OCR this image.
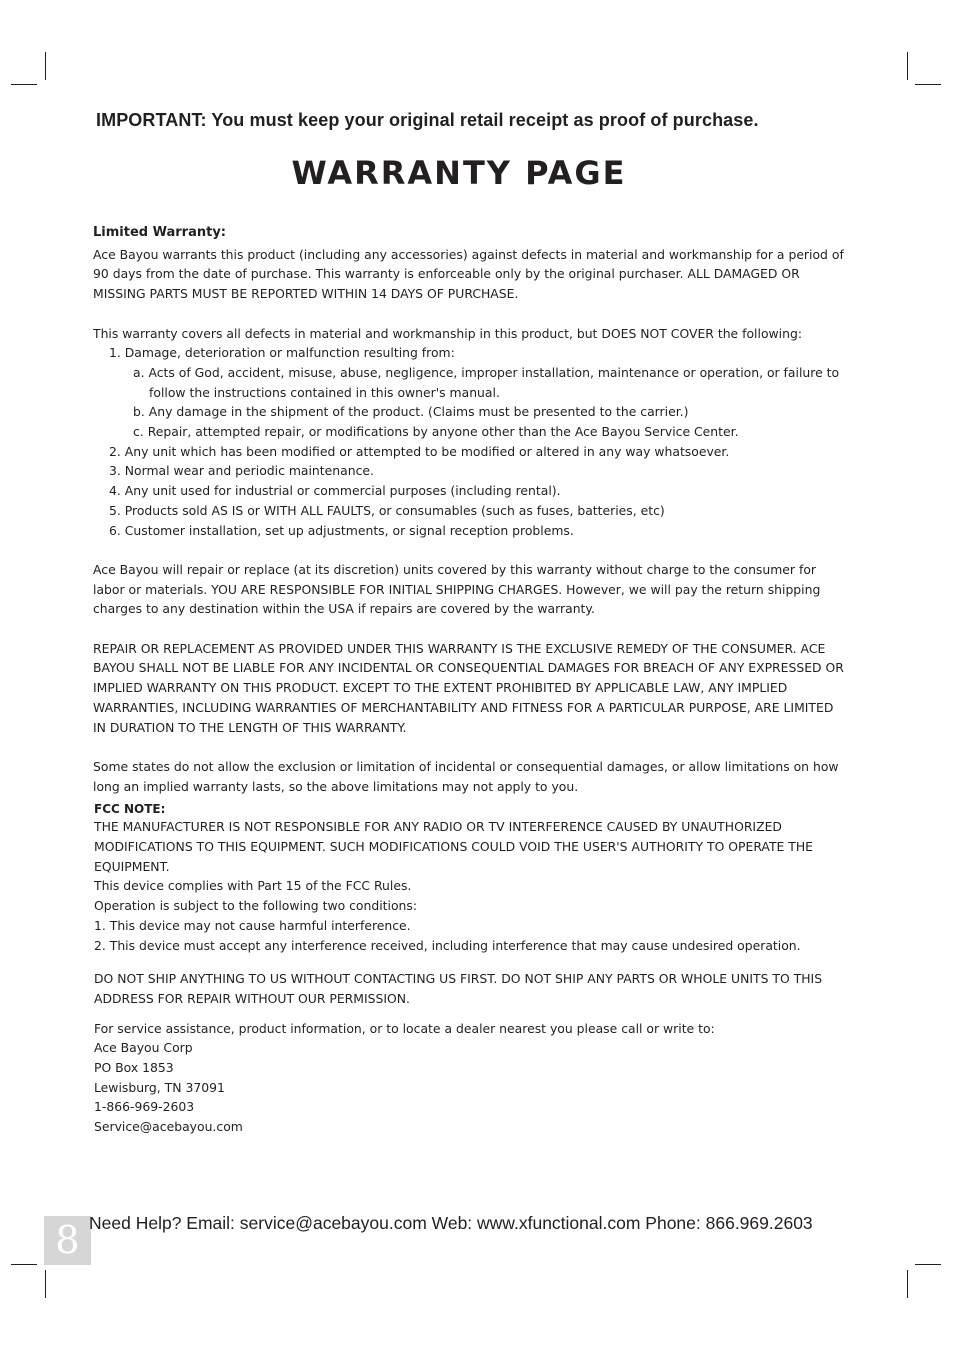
IMPORTANT: You must keep your original retail receipt as proof of purchase.
WARRANTY PAGE

Limited Warranty:

Ace Bayou warrants this product (including any accessories) against defects in material and workmanship for a period of

90 days from the date of purchase. This warranty is enforceable only by the original purchaser. ALL DAMAGED OR

MISSING PARTS MUST BE REPORTED WITHIN 14 DAYS OF PURCHASE.

This warranty covers all defects in material and workmanship in this product, but DOES NOT COVER the following:

1. Damage, deterioration or malfunction resulting from:

a. Acts of God, accident, misuse, abuse, negligence, improper installation, maintenance or operation, or failure to follow the instructions contained in this owner's manual.

b. Any damage in the shipment of the product. (Claims must be presented to the carrier.)

c. Repair, attempted repair, or modifications by anyone other than the Ace Bayou Service Center.

2. Any unit which has been modified or attempted to be modified or altered in any way whatsoever.

3. Normal wear and periodic maintenance.

4. Any unit used for industrial or commercial purposes (including rental).

5. Products sold AS IS or WITH ALL FAULTS, or consumables (such as fuses, batteries, etc)

6. Customer installation, set up adjustments, or signal reception problems.

Ace Bayou will repair or replace (at its discretion) units covered by this warranty without charge to the consumer for

labor or materials. YOU ARE RESPONSIBLE FOR INITIAL SHIPPING CHARGES. However, we will pay the return shipping

charges to any destination within the USA if repairs are covered by the warranty.

REPAIR OR REPLACEMENT AS PROVIDED UNDER THIS WARRANTY IS THE EXCLUSIVE REMEDY OF THE CONSUMER. ACE

BAYOU SHALL NOT BE LIABLE FOR ANY INCIDENTAL OR CONSEQUENTIAL DAMAGES FOR BREACH OF ANY EXPRESSED OR

IMPLIED WARRANTY ON THIS PRODUCT. EXCEPT TO THE EXTENT PROHIBITED BY APPLICABLE LAW, ANY IMPLIED

WARRANTIES, INCLUDING WARRANTIES OF MERCHANTABILITY AND FITNESS FOR A PARTICULAR PURPOSE, ARE LIMITED

IN DURATION TO THE LENGTH OF THIS WARRANTY.

Some states do not allow the exclusion or limitation of incidental or consequential damages, or allow limitations on how

long an implied warranty lasts, so the above limitations may not apply to you.

FCC NOTE:

THE MANUFACTURER IS NOT RESPONSIBLE FOR ANY RADIO OR TV INTERFERENCE CAUSED BY UNAUTHORIZED

MODIFICATIONS TO THIS EQUIPMENT. SUCH MODIFICATIONS COULD VOID THE USER'S AUTHORITY TO OPERATE THE

EQUIPMENT.

This device complies with Part 15 of the FCC Rules.

Operation is subject to the following two conditions:

1. This device may not cause harmful interference.

2. This device must accept any interference received, including interference that may cause undesired operation.

DO NOT SHIP ANYTHING TO US WITHOUT CONTACTING US FIRST. DO NOT SHIP ANY PARTS OR WHOLE UNITS TO THIS

ADDRESS FOR REPAIR WITHOUT OUR PERMISSION.

For service assistance, product information, or to locate a dealer nearest you please call or write to:

Ace Bayou Corp

PO Box 1853

Lewisburg, TN 37091

1-866-969-2603

Service@acebayou.com

8 Need Help? Email: service@acebayou.com Web: www.xfunctional.com Phone: 866.969.2603
